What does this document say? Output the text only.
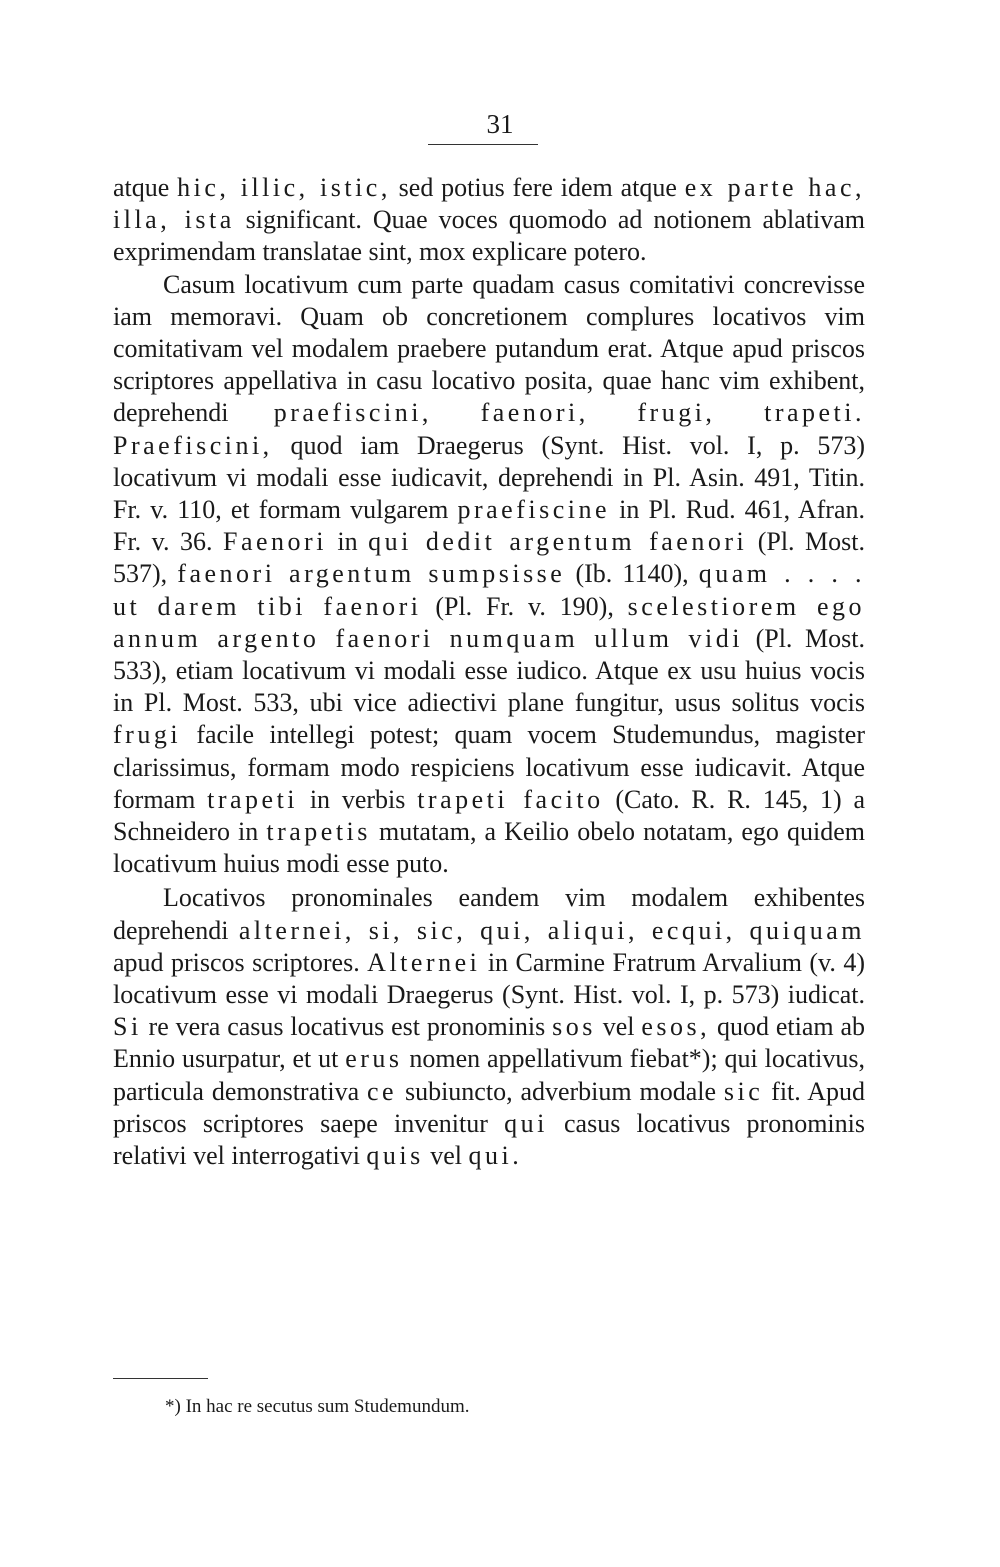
31

atque hic, illic, istic, sed potius fere idem atque ex parte hac, illa, ista significant. Quae voces quomodo ad notionem ablativam exprimendam translatae sint, mox explicare potero.

Casum locativum cum parte quadam casus comitativi concrevisse iam memoravi. Quam ob concretionem complures locativos vim comitativam vel modalem praebere putandum erat. Atque apud priscos scriptores appellativa in casu locativo posita, quae hanc vim exhibent, deprehendi praefiscini, faenori, frugi, trapeti. Praefiscini, quod iam Draegerus (Synt. Hist. vol. I, p. 573) locativum vi modali esse iudicavit, deprehendi in Pl. Asin. 491, Titin. Fr. v. 110, et formam vulgarem praefiscine in Pl. Rud. 461, Afran. Fr. v. 36. Faenori in qui dedit argentum faenori (Pl. Most. 537), faenori argentum sumpsisse (Ib. 1140), quam . . . . ut darem tibi faenori (Pl. Fr. v. 190), scelestiorem ego annum argento faenori numquam ullum vidi (Pl. Most. 533), etiam locativum vi modali esse iudico. Atque ex usu huius vocis in Pl. Most. 533, ubi vice adiectivi plane fungitur, usus solitus vocis frugi facile intellegi potest; quam vocem Studemundus, magister clarissimus, formam modo respiciens locativum esse iudicavit. Atque formam trapeti in verbis trapeti facito (Cato. R. R. 145, 1) a Schneidero in trapetis mutatam, a Keilio obelo notatam, ego quidem locativum huius modi esse puto.

Locativos pronominales eandem vim modalem exhibentes deprehendi alternei, si, sic, qui, aliqui, ecqui, quiquam apud priscos scriptores. Alternei in Carmine Fratrum Arvalium (v. 4) locativum esse vi modali Draegerus (Synt. Hist. vol. I, p. 573) iudicat. Si re vera casus locativus est pronominis sos vel esos, quod etiam ab Ennio usurpatur, et ut erus nomen appellativum fiebat*); qui locativus, particula demonstrativa ce subiuncto, adverbium modale sic fit. Apud priscos scriptores saepe invenitur qui casus locativus pronominis relativi vel interrogativi quis vel qui.

*) In hac re secutus sum Studemundum.
